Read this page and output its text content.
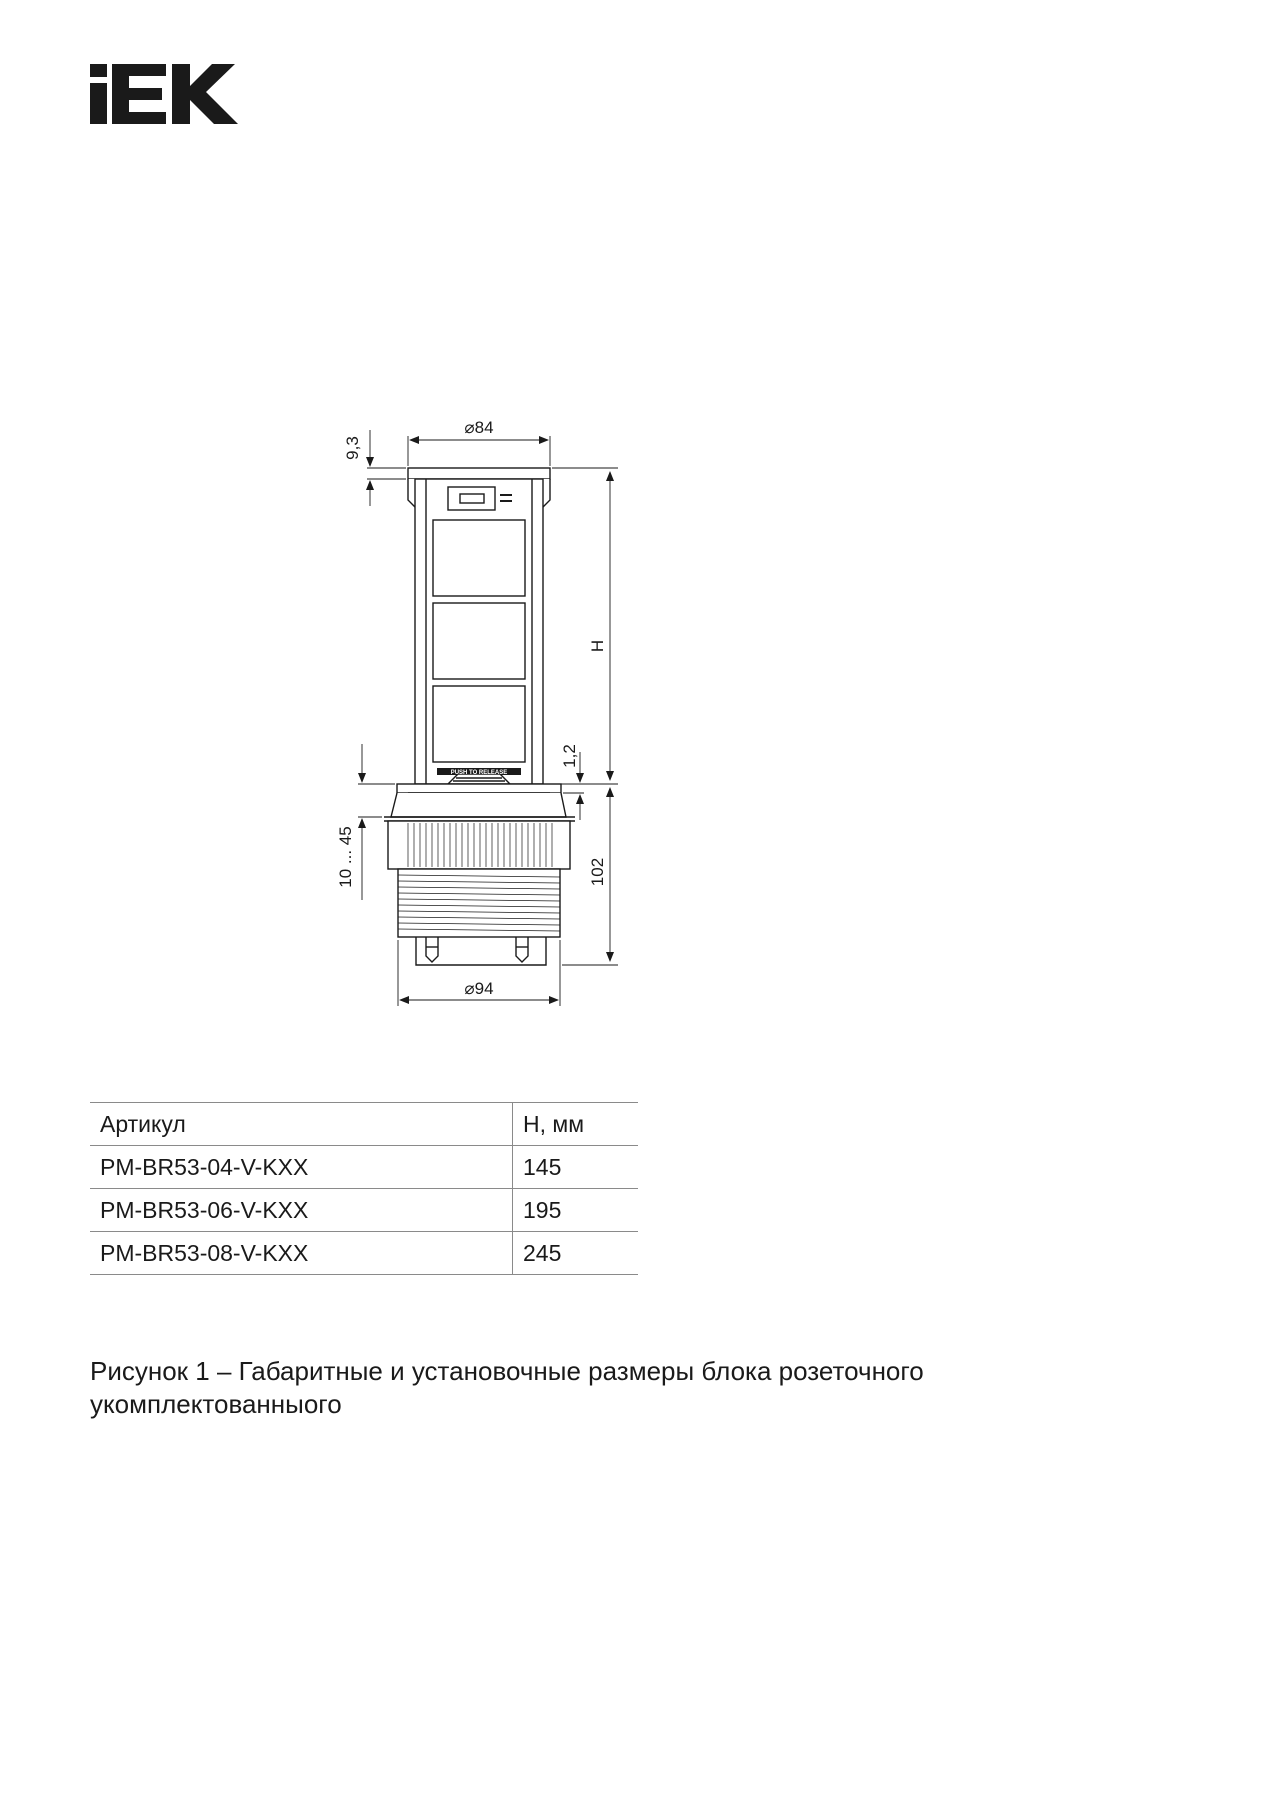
⌀84
9,3
H
1,2
102
10 ... 45
⌀94
PUSH TO RELEASE
Артикул	H, мм
PM-BR53-04-V-KXX	145
PM-BR53-06-V-KXX	195
PM-BR53-08-V-KXX	245

Рисунок 1 – Габаритные и установочные размеры блока розеточного укомплектованныого
